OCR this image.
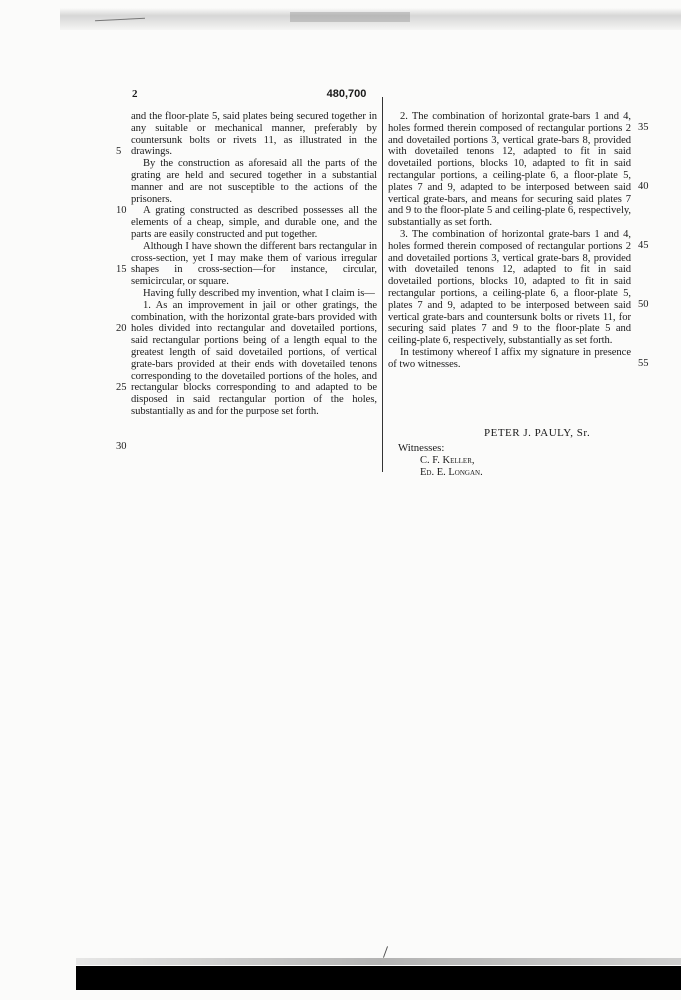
2	480,700

and the floor-plate 5, said plates being secured together in any suitable or mechanical manner, preferably by countersunk bolts or rivets 11, as illustrated in the drawings.

By the construction as aforesaid all the parts of the grating are held and secured together in a substantial manner and are not susceptible to the actions of the prisoners.

A grating constructed as described possesses all the elements of a cheap, simple, and durable one, and the parts are easily constructed and put together.

Although I have shown the different bars rectangular in cross-section, yet I may make them of various irregular shapes in cross-section—for instance, circular, semicircular, or square.

Having fully described my invention, what I claim is—

1. As an improvement in jail or other gratings, the combination, with the horizontal grate-bars provided with holes divided into rectangular and dovetailed portions, said rectangular portions being of a length equal to the greatest length of said dovetailed portions, of vertical grate-bars provided at their ends with dovetailed tenons corresponding to the dovetailed portions of the holes, and rectangular blocks corresponding to and adapted to be disposed in said rectangular portion of the holes, substantially as and for the purpose set forth.

5
10
15
20
25
30

2. The combination of horizontal grate-bars 1 and 4, holes formed therein composed of rectangular portions 2 and dovetailed portions 3, vertical grate-bars 8, provided with dovetailed tenons 12, adapted to fit in said dovetailed portions, blocks 10, adapted to fit in said rectangular portions, a ceiling-plate 6, a floor-plate 5, plates 7 and 9, adapted to be interposed between said vertical grate-bars, and means for securing said plates 7 and 9 to the floor-plate 5 and ceiling-plate 6, respectively, substantially as set forth.

3. The combination of horizontal grate-bars 1 and 4, holes formed therein composed of rectangular portions 2 and dovetailed portions 3, vertical grate-bars 8, provided with dovetailed tenons 12, adapted to fit in said dovetailed portions, blocks 10, adapted to fit in said rectangular portions, a ceiling-plate 6, a floor-plate 5, plates 7 and 9, adapted to be interposed between said vertical grate-bars and countersunk bolts or rivets 11, for securing said plates 7 and 9 to the floor-plate 5 and ceiling-plate 6, respectively, substantially as set forth.

In testimony whereof I affix my signature in presence of two witnesses.

35
40
45
50
55
PETER J. PAULY, Sr.
Witnesses:
C. F. Keller,
Ed. E. Longan.
